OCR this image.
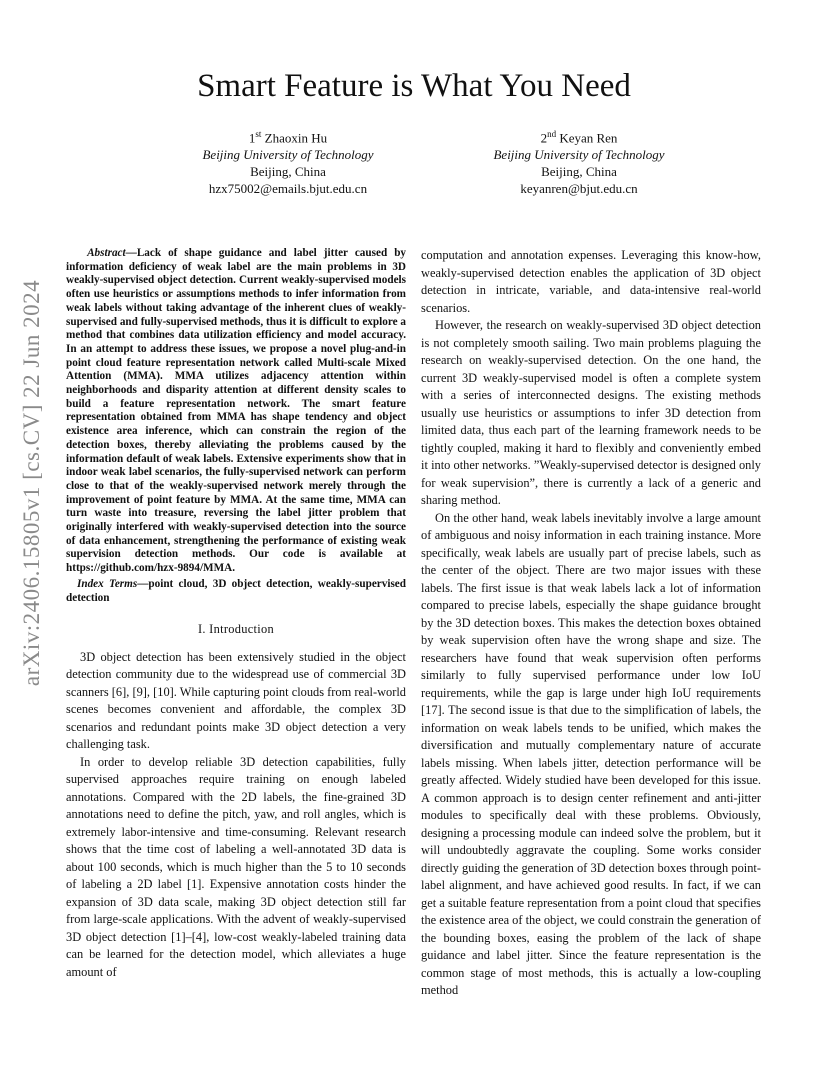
arXiv:2406.15805v1 [cs.CV] 22 Jun 2024
Smart Feature is What You Need
1st Zhaoxin Hu
Beijing University of Technology
Beijing, China
hzx75002@emails.bjut.edu.cn
2nd Keyan Ren
Beijing University of Technology
Beijing, China
keyanren@bjut.edu.cn

Abstract—Lack of shape guidance and label jitter caused by information deficiency of weak label are the main problems in 3D weakly-supervised object detection. Current weakly-supervised models often use heuristics or assumptions methods to infer information from weak labels without taking advantage of the inherent clues of weakly-supervised and fully-supervised methods, thus it is difficult to explore a method that combines data utilization efficiency and model accuracy. In an attempt to address these issues, we propose a novel plug-and-in point cloud feature representation network called Multi-scale Mixed Attention (MMA). MMA utilizes adjacency attention within neighborhoods and disparity attention at different density scales to build a feature representation network. The smart feature representation obtained from MMA has shape tendency and object existence area inference, which can constrain the region of the detection boxes, thereby alleviating the problems caused by the information default of weak labels. Extensive experiments show that in indoor weak label scenarios, the fully-supervised network can perform close to that of the weakly-supervised network merely through the improvement of point feature by MMA. At the same time, MMA can turn waste into treasure, reversing the label jitter problem that originally interfered with weakly-supervised detection into the source of data enhancement, strengthening the performance of existing weak supervision detection methods. Our code is available at https://github.com/hzx-9894/MMA.

Index Terms—point cloud, 3D object detection, weakly-supervised detection

I. Introduction

3D object detection has been extensively studied in the object detection community due to the widespread use of commercial 3D scanners [6], [9], [10]. While capturing point clouds from real-world scenes becomes convenient and affordable, the complex 3D scenarios and redundant points make 3D object detection a very challenging task.

In order to develop reliable 3D detection capabilities, fully supervised approaches require training on enough labeled annotations. Compared with the 2D labels, the fine-grained 3D annotations need to define the pitch, yaw, and roll angles, which is extremely labor-intensive and time-consuming. Relevant research shows that the time cost of labeling a well-annotated 3D data is about 100 seconds, which is much higher than the 5 to 10 seconds of labeling a 2D label [1]. Expensive annotation costs hinder the expansion of 3D data scale, making 3D object detection still far from large-scale applications. With the advent of weakly-supervised 3D object detection [1]–[4], low-cost weakly-labeled training data can be learned for the detection model, which alleviates a huge amount of

computation and annotation expenses. Leveraging this know-how, weakly-supervised detection enables the application of 3D object detection in intricate, variable, and data-intensive real-world scenarios.

However, the research on weakly-supervised 3D object detection is not completely smooth sailing. Two main problems plaguing the research on weakly-supervised detection. On the one hand, the current 3D weakly-supervised model is often a complete system with a series of interconnected designs. The existing methods usually use heuristics or assumptions to infer 3D detection from limited data, thus each part of the learning framework needs to be tightly coupled, making it hard to flexibly and conveniently embed it into other networks. ”Weakly-supervised detector is designed only for weak supervision”, there is currently a lack of a generic and sharing method.

On the other hand, weak labels inevitably involve a large amount of ambiguous and noisy information in each training instance. More specifically, weak labels are usually part of precise labels, such as the center of the object. There are two major issues with these labels. The first issue is that weak labels lack a lot of information compared to precise labels, especially the shape guidance brought by the 3D detection boxes. This makes the detection boxes obtained by weak supervision often have the wrong shape and size. The researchers have found that weak supervision often performs similarly to fully supervised performance under low IoU requirements, while the gap is large under high IoU requirements [17]. The second issue is that due to the simplification of labels, the information on weak labels tends to be unified, which makes the diversification and mutually complementary nature of accurate labels missing. When labels jitter, detection performance will be greatly affected. Widely studied have been developed for this issue. A common approach is to design center refinement and anti-jitter modules to specifically deal with these problems. Obviously, designing a processing module can indeed solve the problem, but it will undoubtedly aggravate the coupling. Some works consider directly guiding the generation of 3D detection boxes through point-label alignment, and have achieved good results. In fact, if we can get a suitable feature representation from a point cloud that specifies the existence area of the object, we could constrain the generation of the bounding boxes, easing the problem of the lack of shape guidance and label jitter. Since the feature representation is the common stage of most methods, this is actually a low-coupling method
